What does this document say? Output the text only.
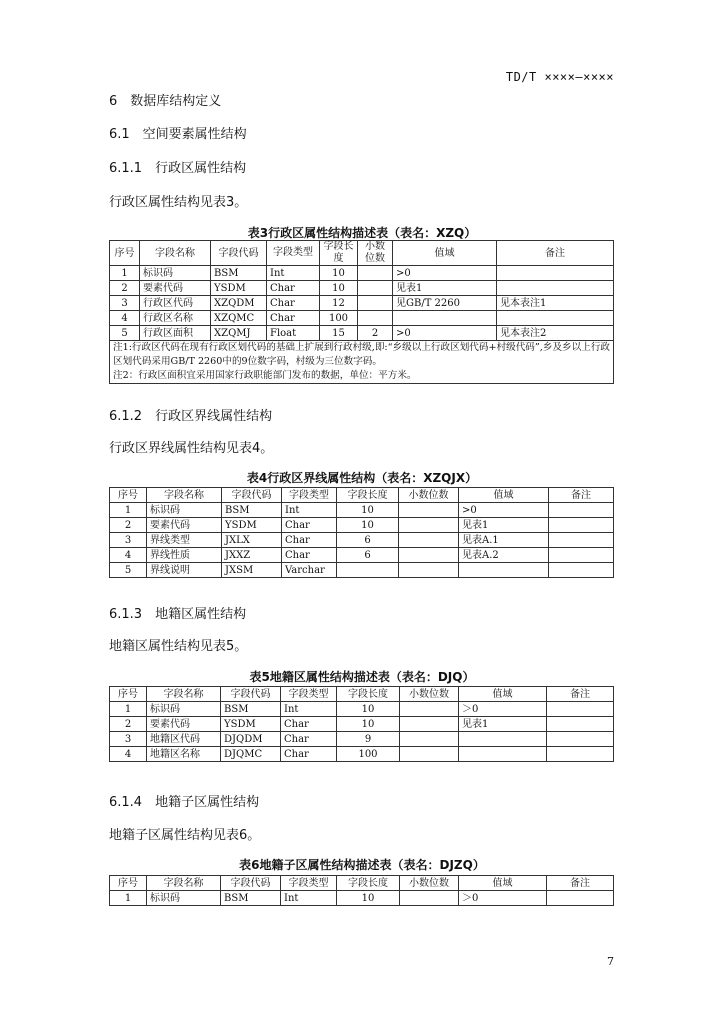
TD/T ××××—××××
6　数据库结构定义
6.1　空间要素属性结构
6.1.1　行政区属性结构
行政区属性结构见表3。
表3行政区属性结构描述表（表名：XZQ）
序号	字段名称	字段代码	字段类型	字段长度	小数位数	值域	备注
1	标识码	BSM	Int	10		>0	
2	要素代码	YSDM	Char	10		见表1	
3	行政区代码	XZQDM	Char	12		见GB/T 2260	见本表注1
4	行政区名称	XZQMC	Char	100			
5	行政区面积	XZQMJ	Float	15	2	>0	见本表注2

注1:行政区代码在现有行政区划代码的基础上扩展到行政村级,即:“乡级以上行政区划代码+村级代码”,乡及乡以上行政区划代码采用GB/T 2260中的9位数字码，村级为三位数字码。
注2：行政区面积宜采用国家行政职能部门发布的数据，单位：平方米。							
6.1.2　行政区界线属性结构
行政区界线属性结构见表4。
表4行政区界线属性结构（表名：XZQJX）
序号	字段名称	字段代码	字段类型	字段长度	小数位数	值域	备注
1	标识码	BSM	Int	10		>0	
2	要素代码	YSDM	Char	10		见表1	
3	界线类型	JXLX	Char	6		见表A.1	
4	界线性质	JXXZ	Char	6		见表A.2	
5	界线说明	JXSM	Varchar				
6.1.3　地籍区属性结构
地籍区属性结构见表5。
表5地籍区属性结构描述表（表名：DJQ）
序号	字段名称	字段代码	字段类型	字段长度	小数位数	值域	备注
1	标识码	BSM	Int	10		＞0	
2	要素代码	YSDM	Char	10		见表1	
3	地籍区代码	DJQDM	Char	9			
4	地籍区名称	DJQMC	Char	100			
6.1.4　地籍子区属性结构
地籍子区属性结构见表6。
表6地籍子区属性结构描述表（表名：DJZQ）
序号	字段名称	字段代码	字段类型	字段长度	小数位数	值域	备注
1	标识码	BSM	Int	10		＞0	
7
